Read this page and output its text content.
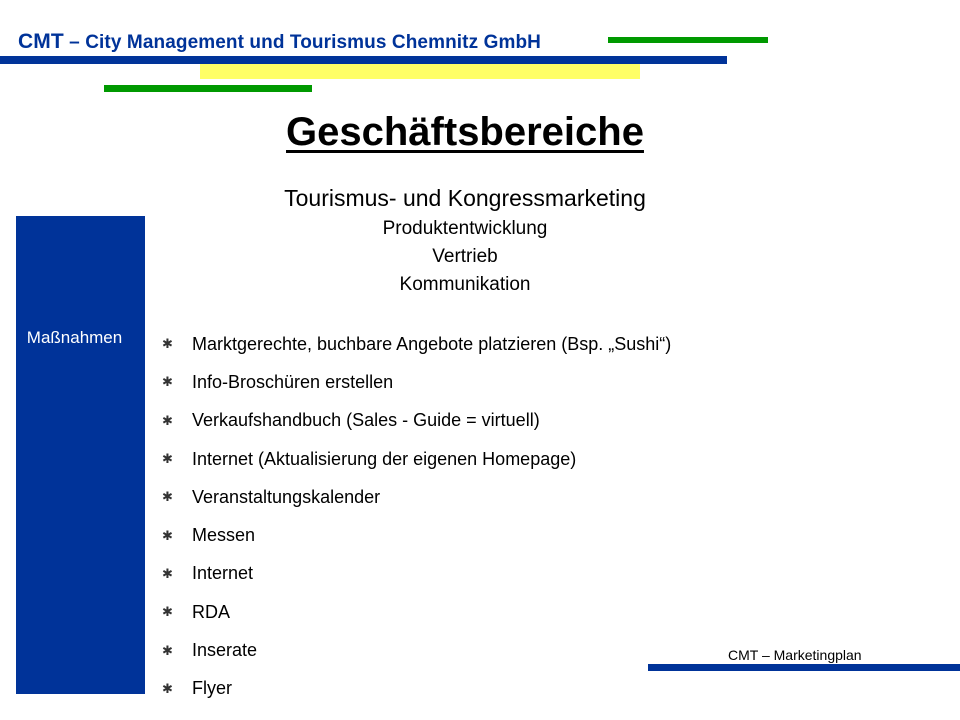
CMT – City Management und Tourismus Chemnitz GmbH
Geschäftsbereiche
Tourismus- und Kongressmarketing
Produktentwicklung
Vertrieb
Kommunikation
Maßnahmen	✱	Marktgerechte, buchbare Angebote platzieren (Bsp. „Sushi“)
✱	Info-Broschüren erstellen
✱	Verkaufshandbuch (Sales - Guide = virtuell)
✱	Internet (Aktualisierung der eigenen Homepage)
✱	Veranstaltungskalender
✱	Messen
✱	Internet
✱	RDA
✱	Inserate
✱	Flyer
CMT – Marketingplan
